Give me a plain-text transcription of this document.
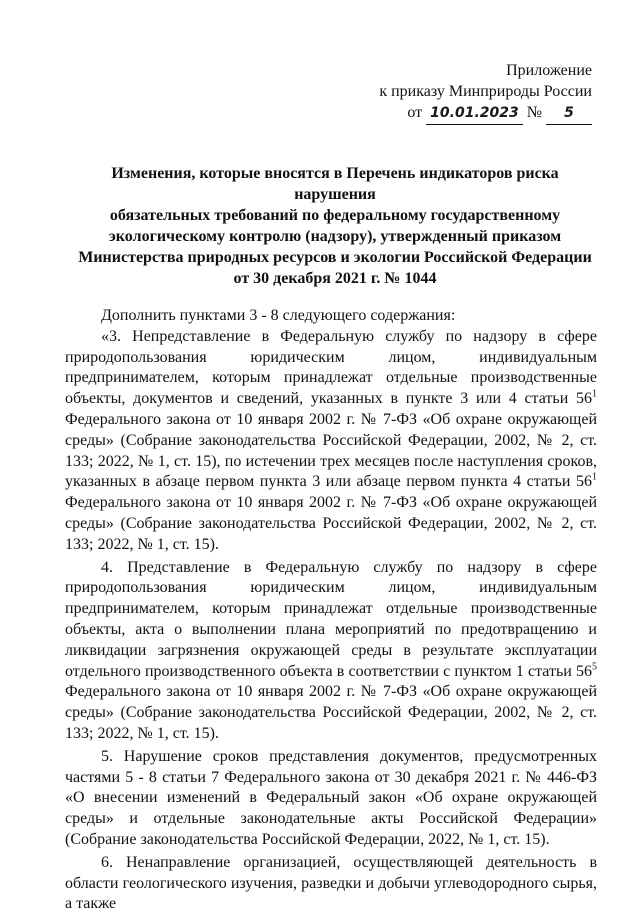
Приложение
к приказу Минприроды России
от 10.01.2023 № 5
Изменения, которые вносятся в Перечень индикаторов риска нарушения
обязательных требований по федеральному государственному
экологическому контролю (надзору), утвержденный приказом
Министерства природных ресурсов и экологии Российской Федерации
от 30 декабря 2021 г. № 1044

Дополнить пунктами 3 - 8 следующего содержания:

«3. Непредставление в Федеральную службу по надзору в сфере природопользования юридическим лицом, индивидуальным предпринимателем, которым принадлежат отдельные производственные объекты, документов и сведений, указанных в пункте 3 или 4 статьи $56^1$ Федерального закона от 10 января 2002 г. № 7-ФЗ «Об охране окружающей среды» (Собрание законодательства Российской Федерации, 2002, № 2, ст. 133; 2022, № 1, ст. 15), по истечении трех месяцев после наступления сроков, указанных в абзаце первом пункта 3 или абзаце первом пункта 4 статьи $56^1$ Федерального закона от 10 января 2002 г. № 7-ФЗ «Об охране окружающей среды» (Собрание законодательства Российской Федерации, 2002, № 2, ст. 133; 2022, № 1, ст. 15).

4. Представление в Федеральную службу по надзору в сфере природопользования юридическим лицом, индивидуальным предпринимателем, которым принадлежат отдельные производственные объекты, акта о выполнении плана мероприятий по предотвращению и ликвидации загрязнения окружающей среды в результате эксплуатации отдельного производственного объекта в соответствии с пунктом 1 статьи $56^5$ Федерального закона от 10 января 2002 г. № 7-ФЗ «Об охране окружающей среды» (Собрание законодательства Российской Федерации, 2002, № 2, ст. 133; 2022, № 1, ст. 15).

5. Нарушение сроков представления документов, предусмотренных частями 5 - 8 статьи 7 Федерального закона от 30 декабря 2021 г. № 446-ФЗ «О внесении изменений в Федеральный закон «Об охране окружающей среды» и отдельные законодательные акты Российской Федерации» (Собрание законодательства Российской Федерации, 2022, № 1, ст. 15).

6. Ненаправление организацией, осуществляющей деятельность в области геологического изучения, разведки и добычи углеводородного сырья, а также
